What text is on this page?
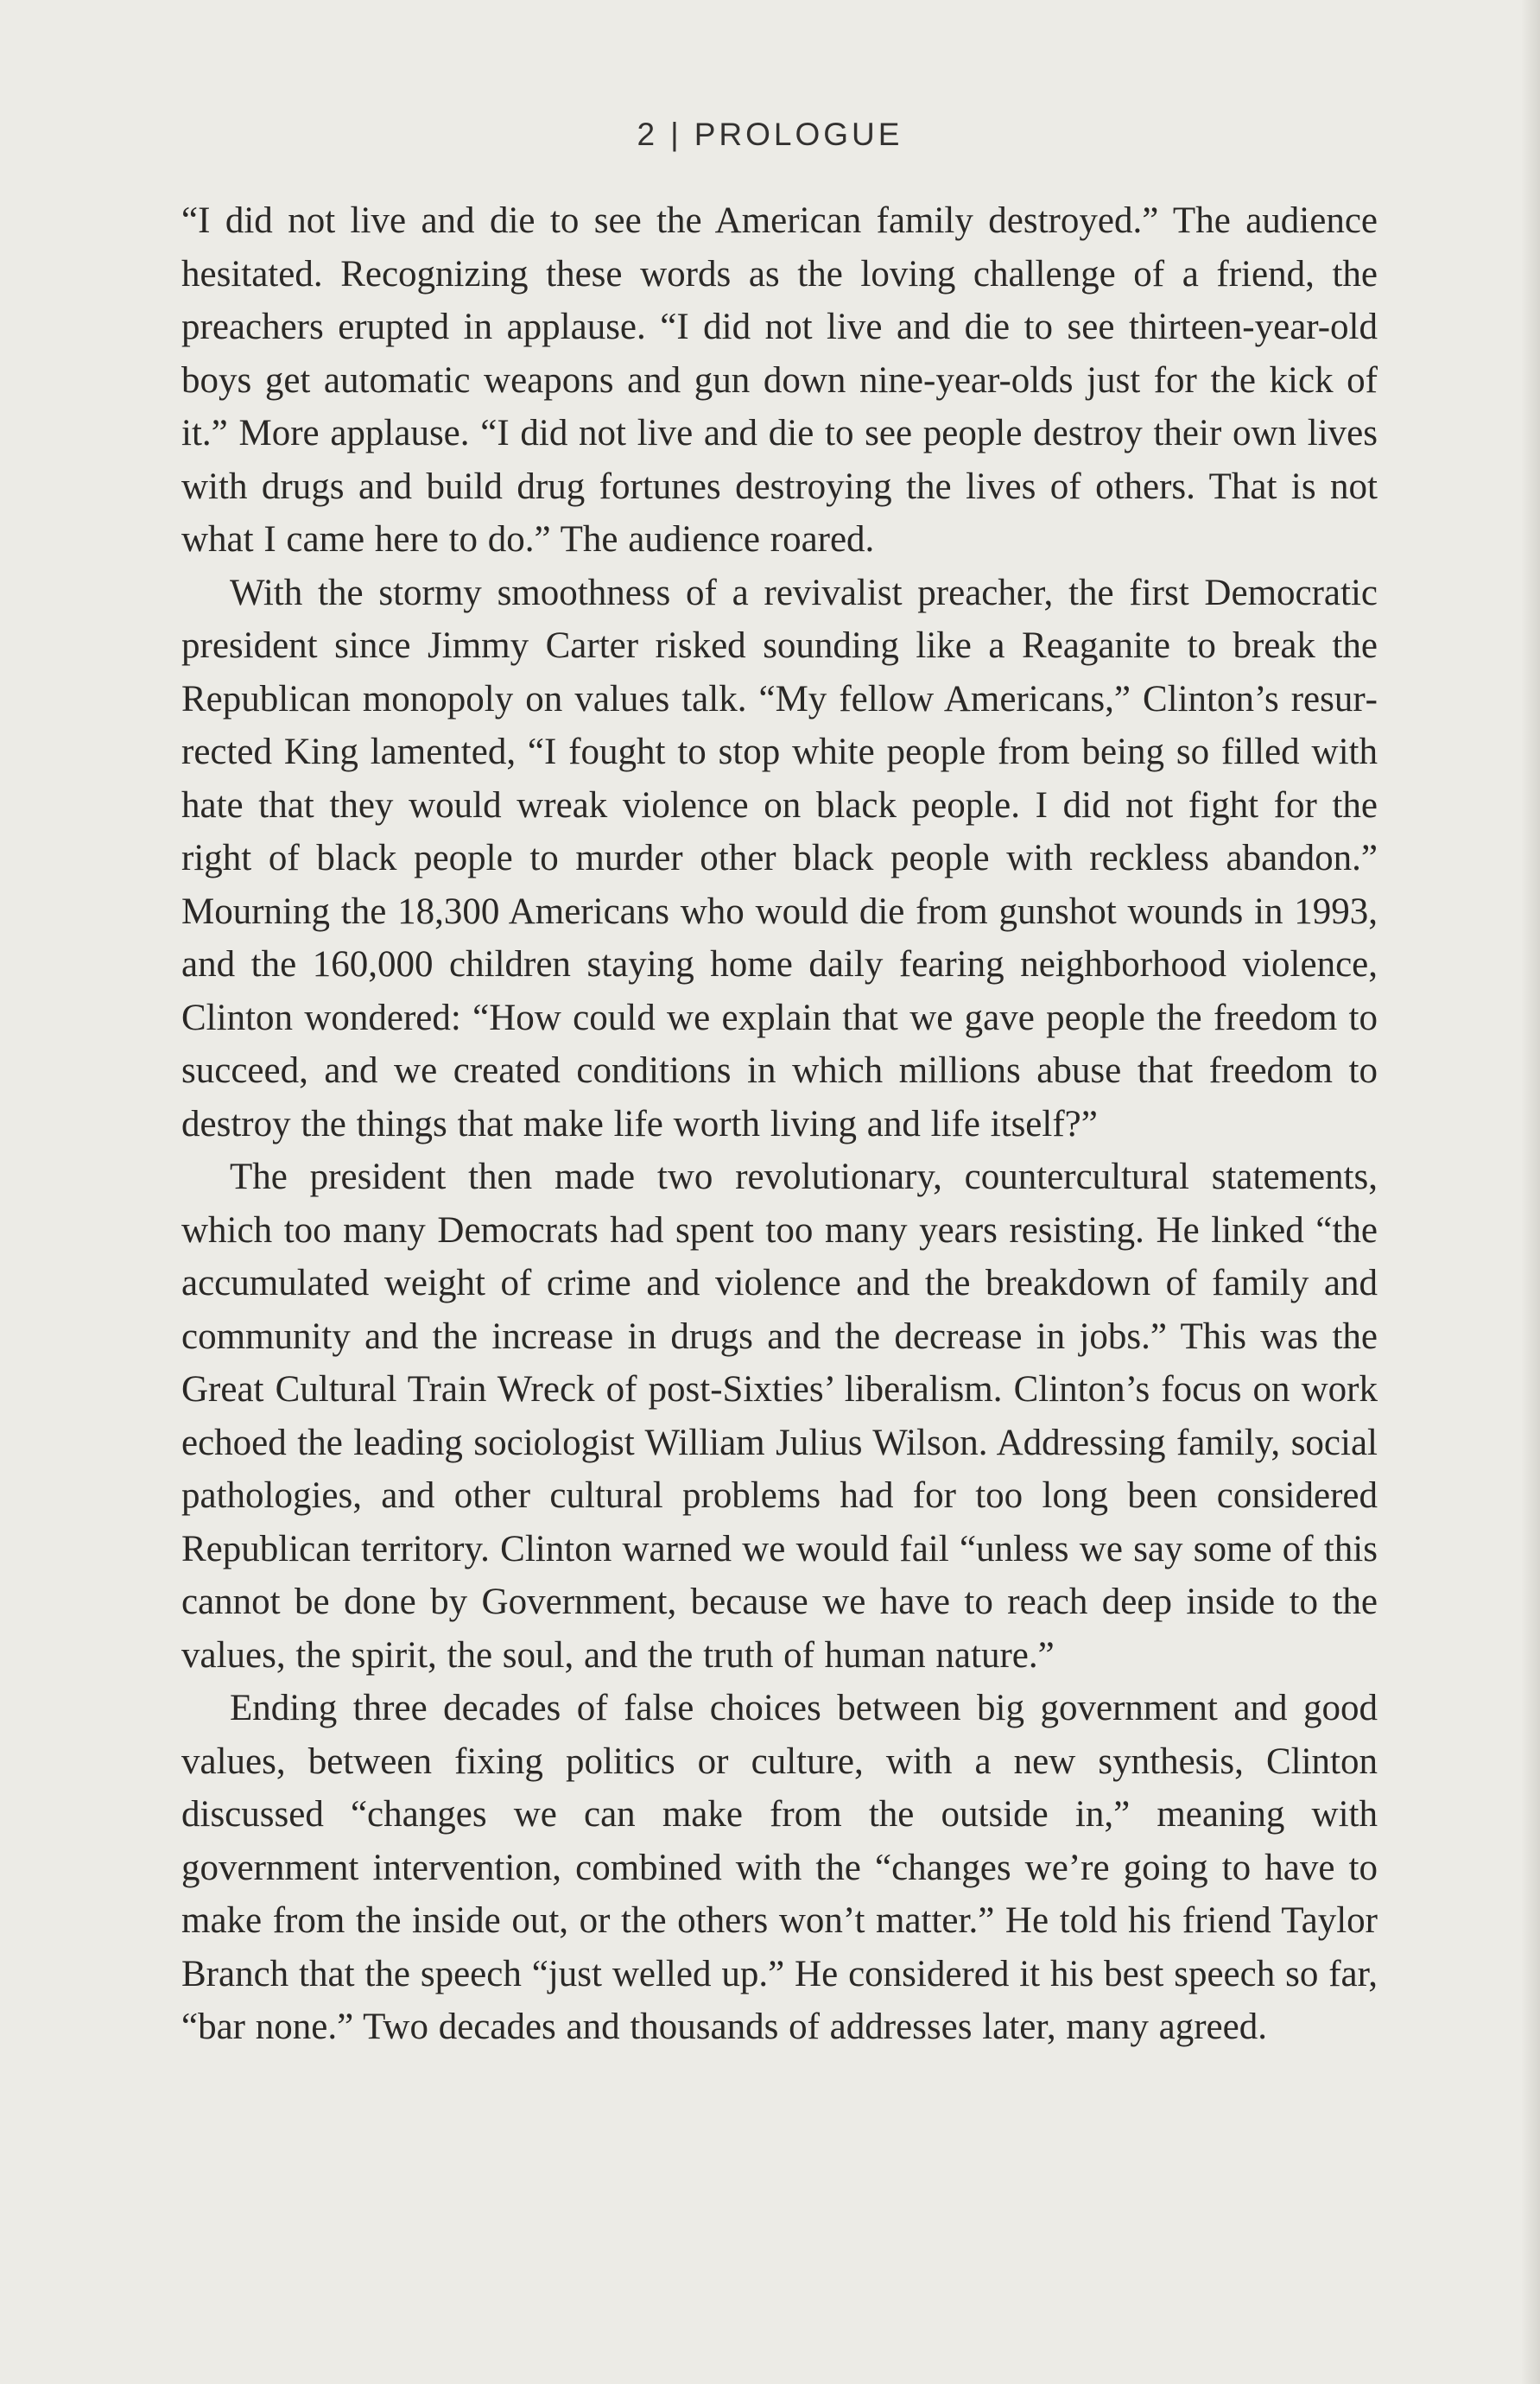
2 | PROLOGUE

“I did not live and die to see the American family destroyed.” The audience hesitated. Recognizing these words as the loving challenge of a friend, the preachers erupted in applause. “I did not live and die to see thirteen-year-old boys get automatic weapons and gun down nine-year-olds just for the kick of it.” More applause. “I did not live and die to see people destroy their own lives with drugs and build drug fortunes destroying the lives of others. That is not what I came here to do.” The audience roared.

With the stormy smoothness of a revivalist preacher, the first Democratic president since Jimmy Carter risked sounding like a Reaganite to break the Republican monopoly on values talk. “My fellow Americans,” Clinton’s resurrected King lamented, “I fought to stop white people from being so filled with hate that they would wreak violence on black people. I did not fight for the right of black people to murder other black people with reckless abandon.” Mourning the 18,300 Americans who would die from gunshot wounds in 1993, and the 160,000 children staying home daily fearing neighborhood violence, Clinton wondered: “How could we explain that we gave people the freedom to succeed, and we created conditions in which millions abuse that freedom to destroy the things that make life worth living and life itself?”

The president then made two revolutionary, countercultural statements, which too many Democrats had spent too many years resisting. He linked “the accumulated weight of crime and violence and the breakdown of family and community and the increase in drugs and the decrease in jobs.” This was the Great Cultural Train Wreck of post-Sixties’ liberalism. Clinton’s focus on work echoed the leading sociologist William Julius Wilson. Addressing family, social pathologies, and other cultural problems had for too long been considered Republican territory. Clinton warned we would fail “unless we say some of this cannot be done by Government, because we have to reach deep inside to the values, the spirit, the soul, and the truth of human nature.”

Ending three decades of false choices between big government and good values, between fixing politics or culture, with a new synthesis, Clinton discussed “changes we can make from the outside in,” meaning with government intervention, combined with the “changes we’re going to have to make from the inside out, or the others won’t matter.” He told his friend Taylor Branch that the speech “just welled up.” He considered it his best speech so far, “bar none.” Two decades and thousands of addresses later, many agreed.
